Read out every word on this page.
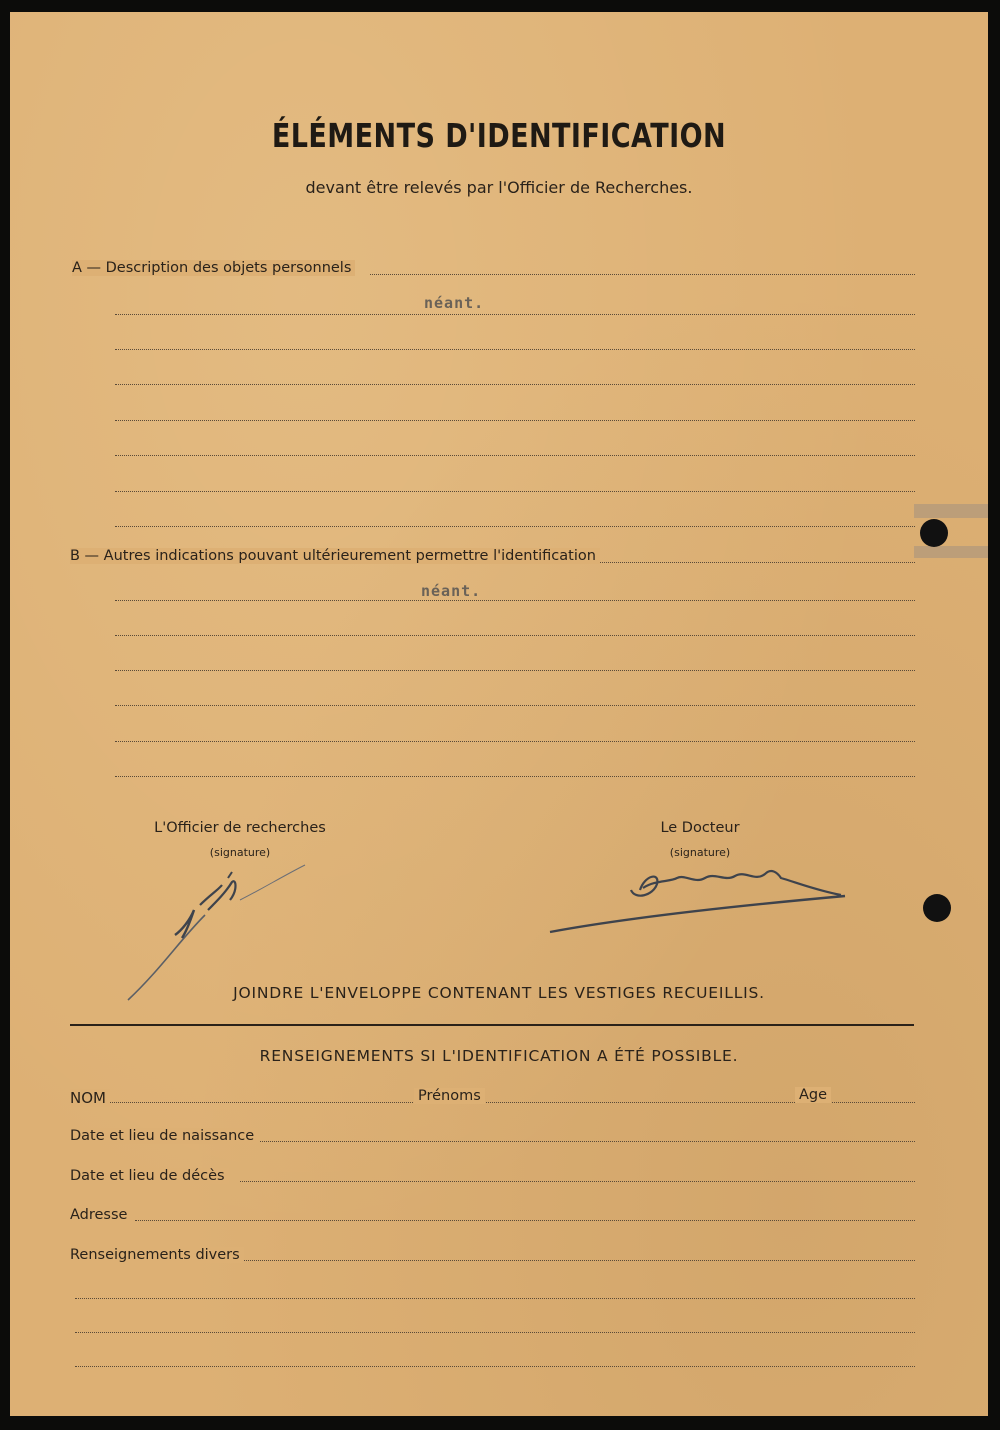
ÉLÉMENTS D'IDENTIFICATION
devant être relevés par l'Officier de Recherches.
A — Description des objets personnels
néant.
B — Autres indications pouvant ultérieurement permettre l'identification
néant.
L'Officier de recherches
(signature)
Le Docteur
(signature)
JOINDRE L'ENVELOPPE CONTENANT LES VESTIGES RECUEILLIS.
RENSEIGNEMENTS SI L'IDENTIFICATION A ÉTÉ POSSIBLE.
NOM	Prénoms	Age
Date et lieu de naissance
Date et lieu de décès
Adresse
Renseignements divers
